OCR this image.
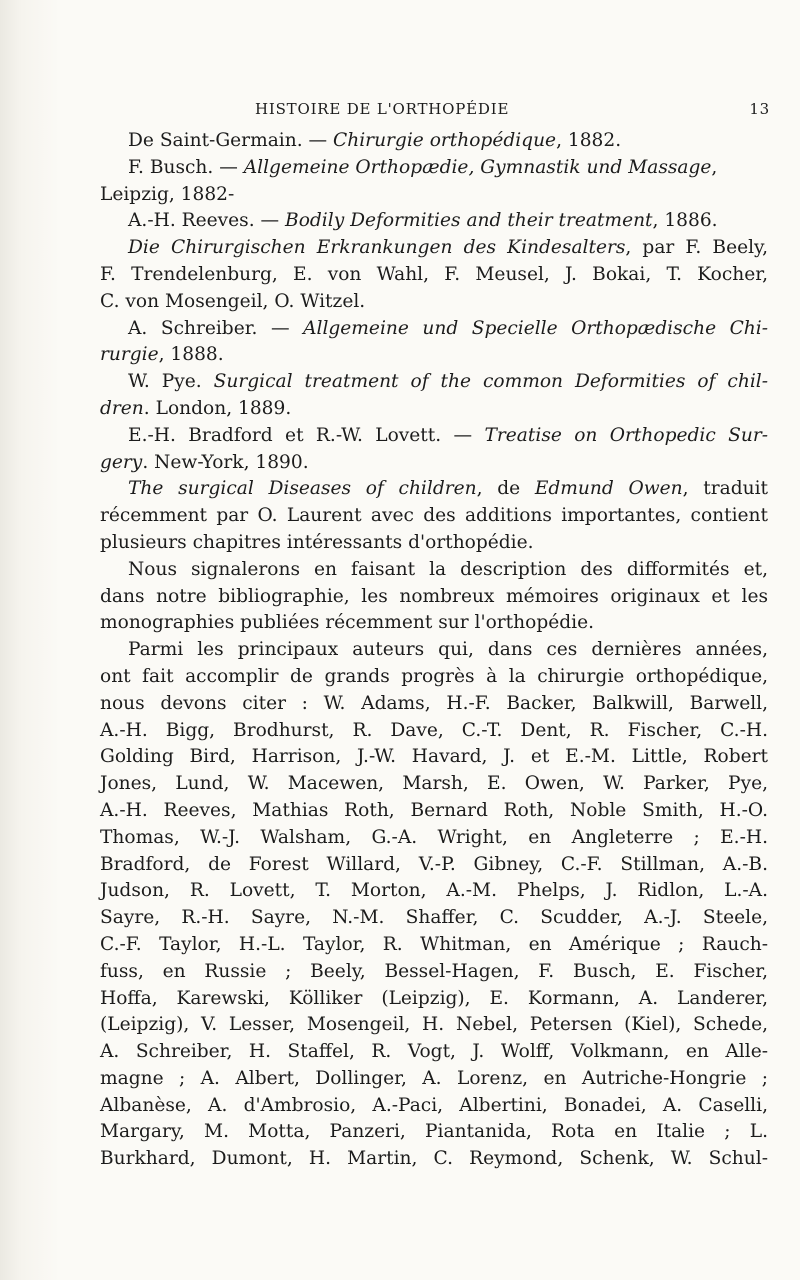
HISTOIRE DE L'ORTHOPÉDIE	13
De Saint-Germain. — Chirurgie orthopédique, 1882.
F. Busch. — Allgemeine Orthopædie, Gymnastik und Massage,
Leipzig, 1882-
A.-H. Reeves. — Bodily Deformities and their treatment, 1886.
Die Chirurgischen Erkrankungen des Kindesalters, par F. Beely,
F. Trendelenburg, E. von Wahl, F. Meusel, J. Bokai, T. Kocher,
C. von Mosengeil, O. Witzel.
A. Schreiber. — Allgemeine und Specielle Orthopædische Chi-
rurgie, 1888.
W. Pye. Surgical treatment of the common Deformities of chil-
dren. London, 1889.
E.-H. Bradford et R.-W. Lovett. — Treatise on Orthopedic Sur-
gery. New-York, 1890.
The surgical Diseases of children, de Edmund Owen, traduit
récemment par O. Laurent avec des additions importantes, contient
plusieurs chapitres intéressants d'orthopédie.
Nous signalerons en faisant la description des difformités et,
dans notre bibliographie, les nombreux mémoires originaux et les
monographies publiées récemment sur l'orthopédie.
Parmi les principaux auteurs qui, dans ces dernières années,
ont fait accomplir de grands progrès à la chirurgie orthopédique,
nous devons citer : W. Adams, H.-F. Backer, Balkwill, Barwell,
A.-H. Bigg, Brodhurst, R. Dave, C.-T. Dent, R. Fischer, C.-H.
Golding Bird, Harrison, J.-W. Havard, J. et E.-M. Little, Robert
Jones, Lund, W. Macewen, Marsh, E. Owen, W. Parker, Pye,
A.-H. Reeves, Mathias Roth, Bernard Roth, Noble Smith, H.-O.
Thomas, W.-J. Walsham, G.-A. Wright, en Angleterre ; E.-H.
Bradford, de Forest Willard, V.-P. Gibney, C.-F. Stillman, A.-B.
Judson, R. Lovett, T. Morton, A.-M. Phelps, J. Ridlon, L.-A.
Sayre, R.-H. Sayre, N.-M. Shaffer, C. Scudder, A.-J. Steele,
C.-F. Taylor, H.-L. Taylor, R. Whitman, en Amérique ; Rauch-
fuss, en Russie ; Beely, Bessel-Hagen, F. Busch, E. Fischer,
Hoffa, Karewski, Kölliker (Leipzig), E. Kormann, A. Landerer,
(Leipzig), V. Lesser, Mosengeil, H. Nebel, Petersen (Kiel), Schede,
A. Schreiber, H. Staffel, R. Vogt, J. Wolff, Volkmann, en Alle-
magne ; A. Albert, Dollinger, A. Lorenz, en Autriche-Hongrie ;
Albanèse, A. d'Ambrosio, A.-Paci, Albertini, Bonadei, A. Caselli,
Margary, M. Motta, Panzeri, Piantanida, Rota en Italie ; L.
Burkhard, Dumont, H. Martin, C. Reymond, Schenk, W. Schul-
